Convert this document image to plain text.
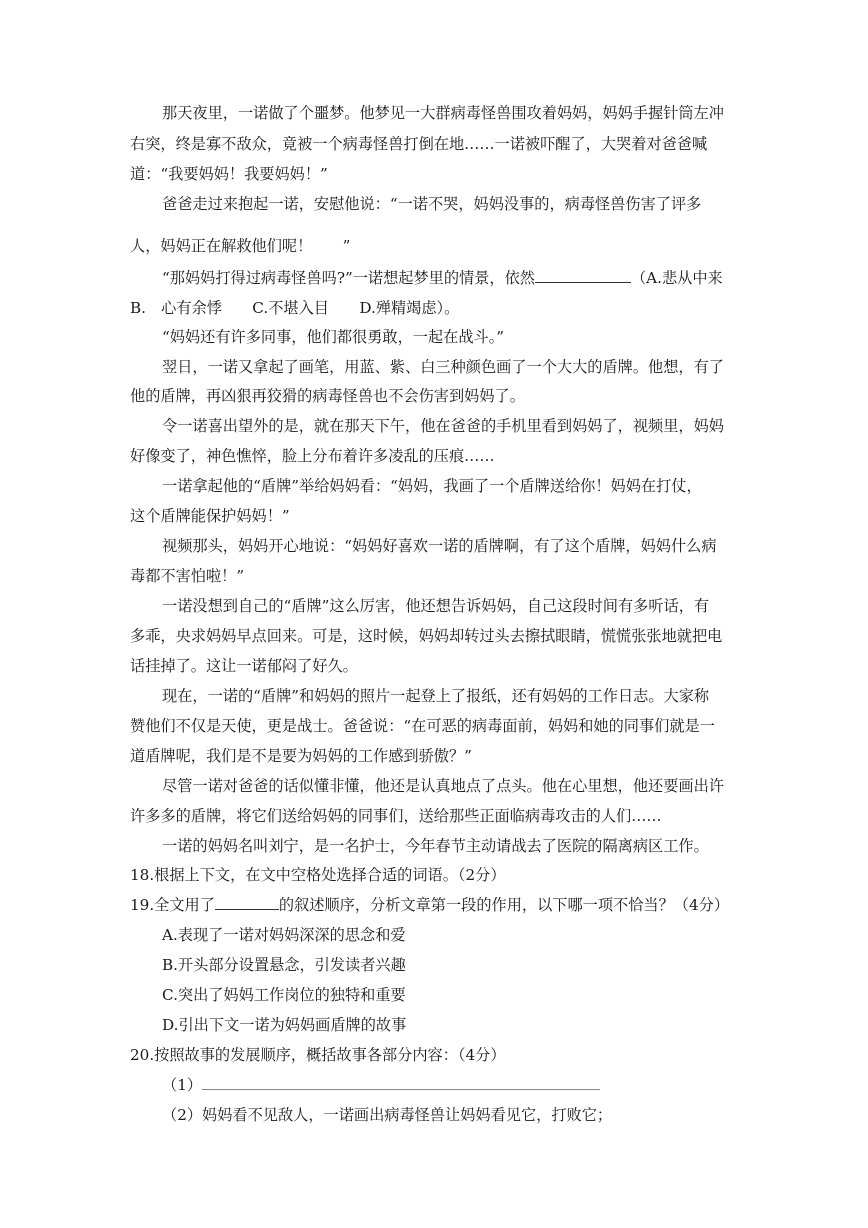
那天夜里，一诺做了个噩梦。他梦见一大群病毒怪兽围攻着妈妈，妈妈手握针筒左冲
右突，终是寡不敌众，竟被一个病毒怪兽打倒在地……一诺被吓醒了，大哭着对爸爸喊
道：“我要妈妈！我要妈妈！”
爸爸走过来抱起一诺，安慰他说：“一诺不哭，妈妈没事的，病毒怪兽伤害了评多
人，妈妈正在解救他们呢！　　”
“那妈妈打得过病毒怪兽吗?”一诺想起梦里的情景，依然	（A.悲从中来
B.　心有余悸　　C.不堪入目　　D.殚精竭虑）。
“妈妈还有许多同事，他们都很勇敢，一起在战斗。”
翌日，一诺又拿起了画笔，用蓝、紫、白三种颜色画了一个大大的盾牌。他想，有了
他的盾牌，再凶狠再狡猾的病毒怪兽也不会伤害到妈妈了。
令一诺喜出望外的是，就在那天下午，他在爸爸的手机里看到妈妈了，视频里，妈妈
好像变了，神色憔悴，脸上分布着许多凌乱的压痕……
一诺拿起他的“盾牌”举给妈妈看：“妈妈，我画了一个盾牌送给你！妈妈在打仗，
这个盾牌能保护妈妈！”
视频那头，妈妈开心地说：“妈妈好喜欢一诺的盾牌啊，有了这个盾牌，妈妈什么病
毒都不害怕啦！”
一诺没想到自己的“盾牌”这么厉害，他还想告诉妈妈，自己这段时间有多听话，有
多乖，央求妈妈早点回来。可是，这时候，妈妈却转过头去擦拭眼睛，慌慌张张地就把电
话挂掉了。这让一诺郁闷了好久。
现在，一诺的“盾牌”和妈妈的照片一起登上了报纸，还有妈妈的工作日志。大家称
赞他们不仅是天使，更是战士。爸爸说：“在可恶的病毒面前，妈妈和她的同事们就是一
道盾牌呢，我们是不是要为妈妈的工作感到骄傲？”
尽管一诺对爸爸的话似懂非懂，他还是认真地点了点头。他在心里想，他还要画出许
许多多的盾牌，将它们送给妈妈的同事们，送给那些正面临病毒攻击的人们……
一诺的妈妈名叫刘宁，是一名护士，今年春节主动请战去了医院的隔离病区工作。
18.根据上下文，在文中空格处选择合适的词语。（2分）
19.全文用了	的叙述顺序，分析文章第一段的作用，以下哪一项不恰当？（4分）
A.表现了一诺对妈妈深深的思念和爱
B.开头部分设置悬念，引发读者兴趣
C.突出了妈妈工作岗位的独特和重要
D.引出下文一诺为妈妈画盾牌的故事
20.按照故事的发展顺序，概括故事各部分内容：（4分）
（1）
（2）妈妈看不见敌人，一诺画出病毒怪兽让妈妈看见它，打败它；
